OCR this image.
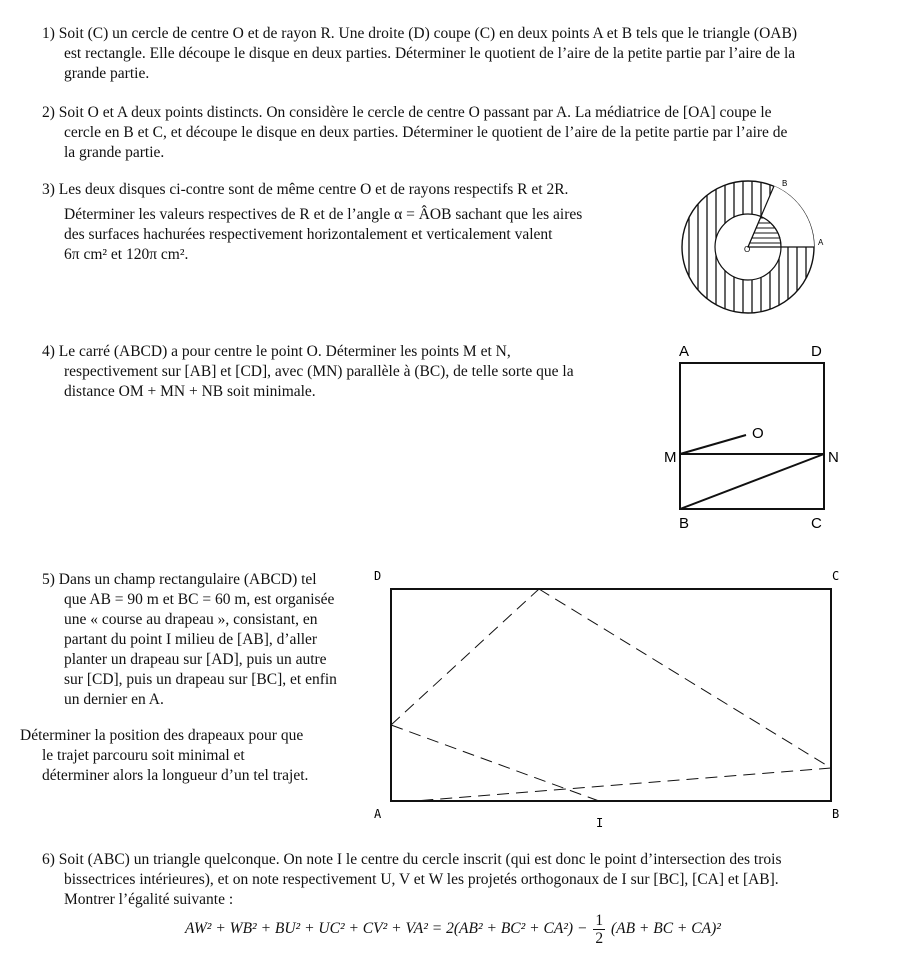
1) Soit (C) un cercle de centre O et de rayon R. Une droite (D) coupe (C) en deux points A et B tels que le triangle (OAB)

est rectangle. Elle découpe le disque en deux parties. Déterminer le quotient de l’aire de la petite partie par l’aire de la

grande partie.

2) Soit O et A deux points distincts. On considère le cercle de centre O passant par A. La médiatrice de [OA] coupe le

cercle en B et C, et découpe le disque en deux parties. Déterminer le quotient de l’aire de la petite partie par l’aire de

la grande partie.

3) Les deux disques ci-contre sont de même centre O et de rayons respectifs R et 2R.

Déterminer les valeurs respectives de R et de l’angle α = ÂOB sachant que les aires

des surfaces hachurées respectivement horizontalement et verticalement valent

6π cm² et 120π cm².

B
A
O

4) Le carré (ABCD) a pour centre le point O. Déterminer les points M et N,

respectivement sur [AB] et [CD], avec (MN) parallèle à (BC), de telle sorte que la

distance OM + MN + NB soit minimale.

A	D
O
M	N
B	C

5) Dans un champ rectangulaire (ABCD) tel

que AB = 90 m et BC = 60 m, est organisée

une « course au drapeau », consistant, en

partant du point I milieu de [AB], d’aller

planter un drapeau sur [AD], puis un autre

sur [CD], puis un drapeau sur [BC], et enfin

un dernier en A.

Déterminer la position des drapeaux pour que

le trajet parcouru soit minimal et

déterminer alors la longueur d’un tel trajet.

D	C
A	B
I

6) Soit (ABC) un triangle quelconque. On note I le centre du cercle inscrit (qui est donc le point d’intersection des trois

bissectrices intérieures), et on note respectivement U, V et W les projetés orthogonaux de I sur [BC], [CA] et [AB].

Montrer l’égalité suivante :

$AW^2 + WB^2 + BU^2 + UC^2 + CV^2 + VA^2 = 2(AB^2 + BC^2 + CA^2) - \frac{1}{2} (AB$ + BC + CA)²
